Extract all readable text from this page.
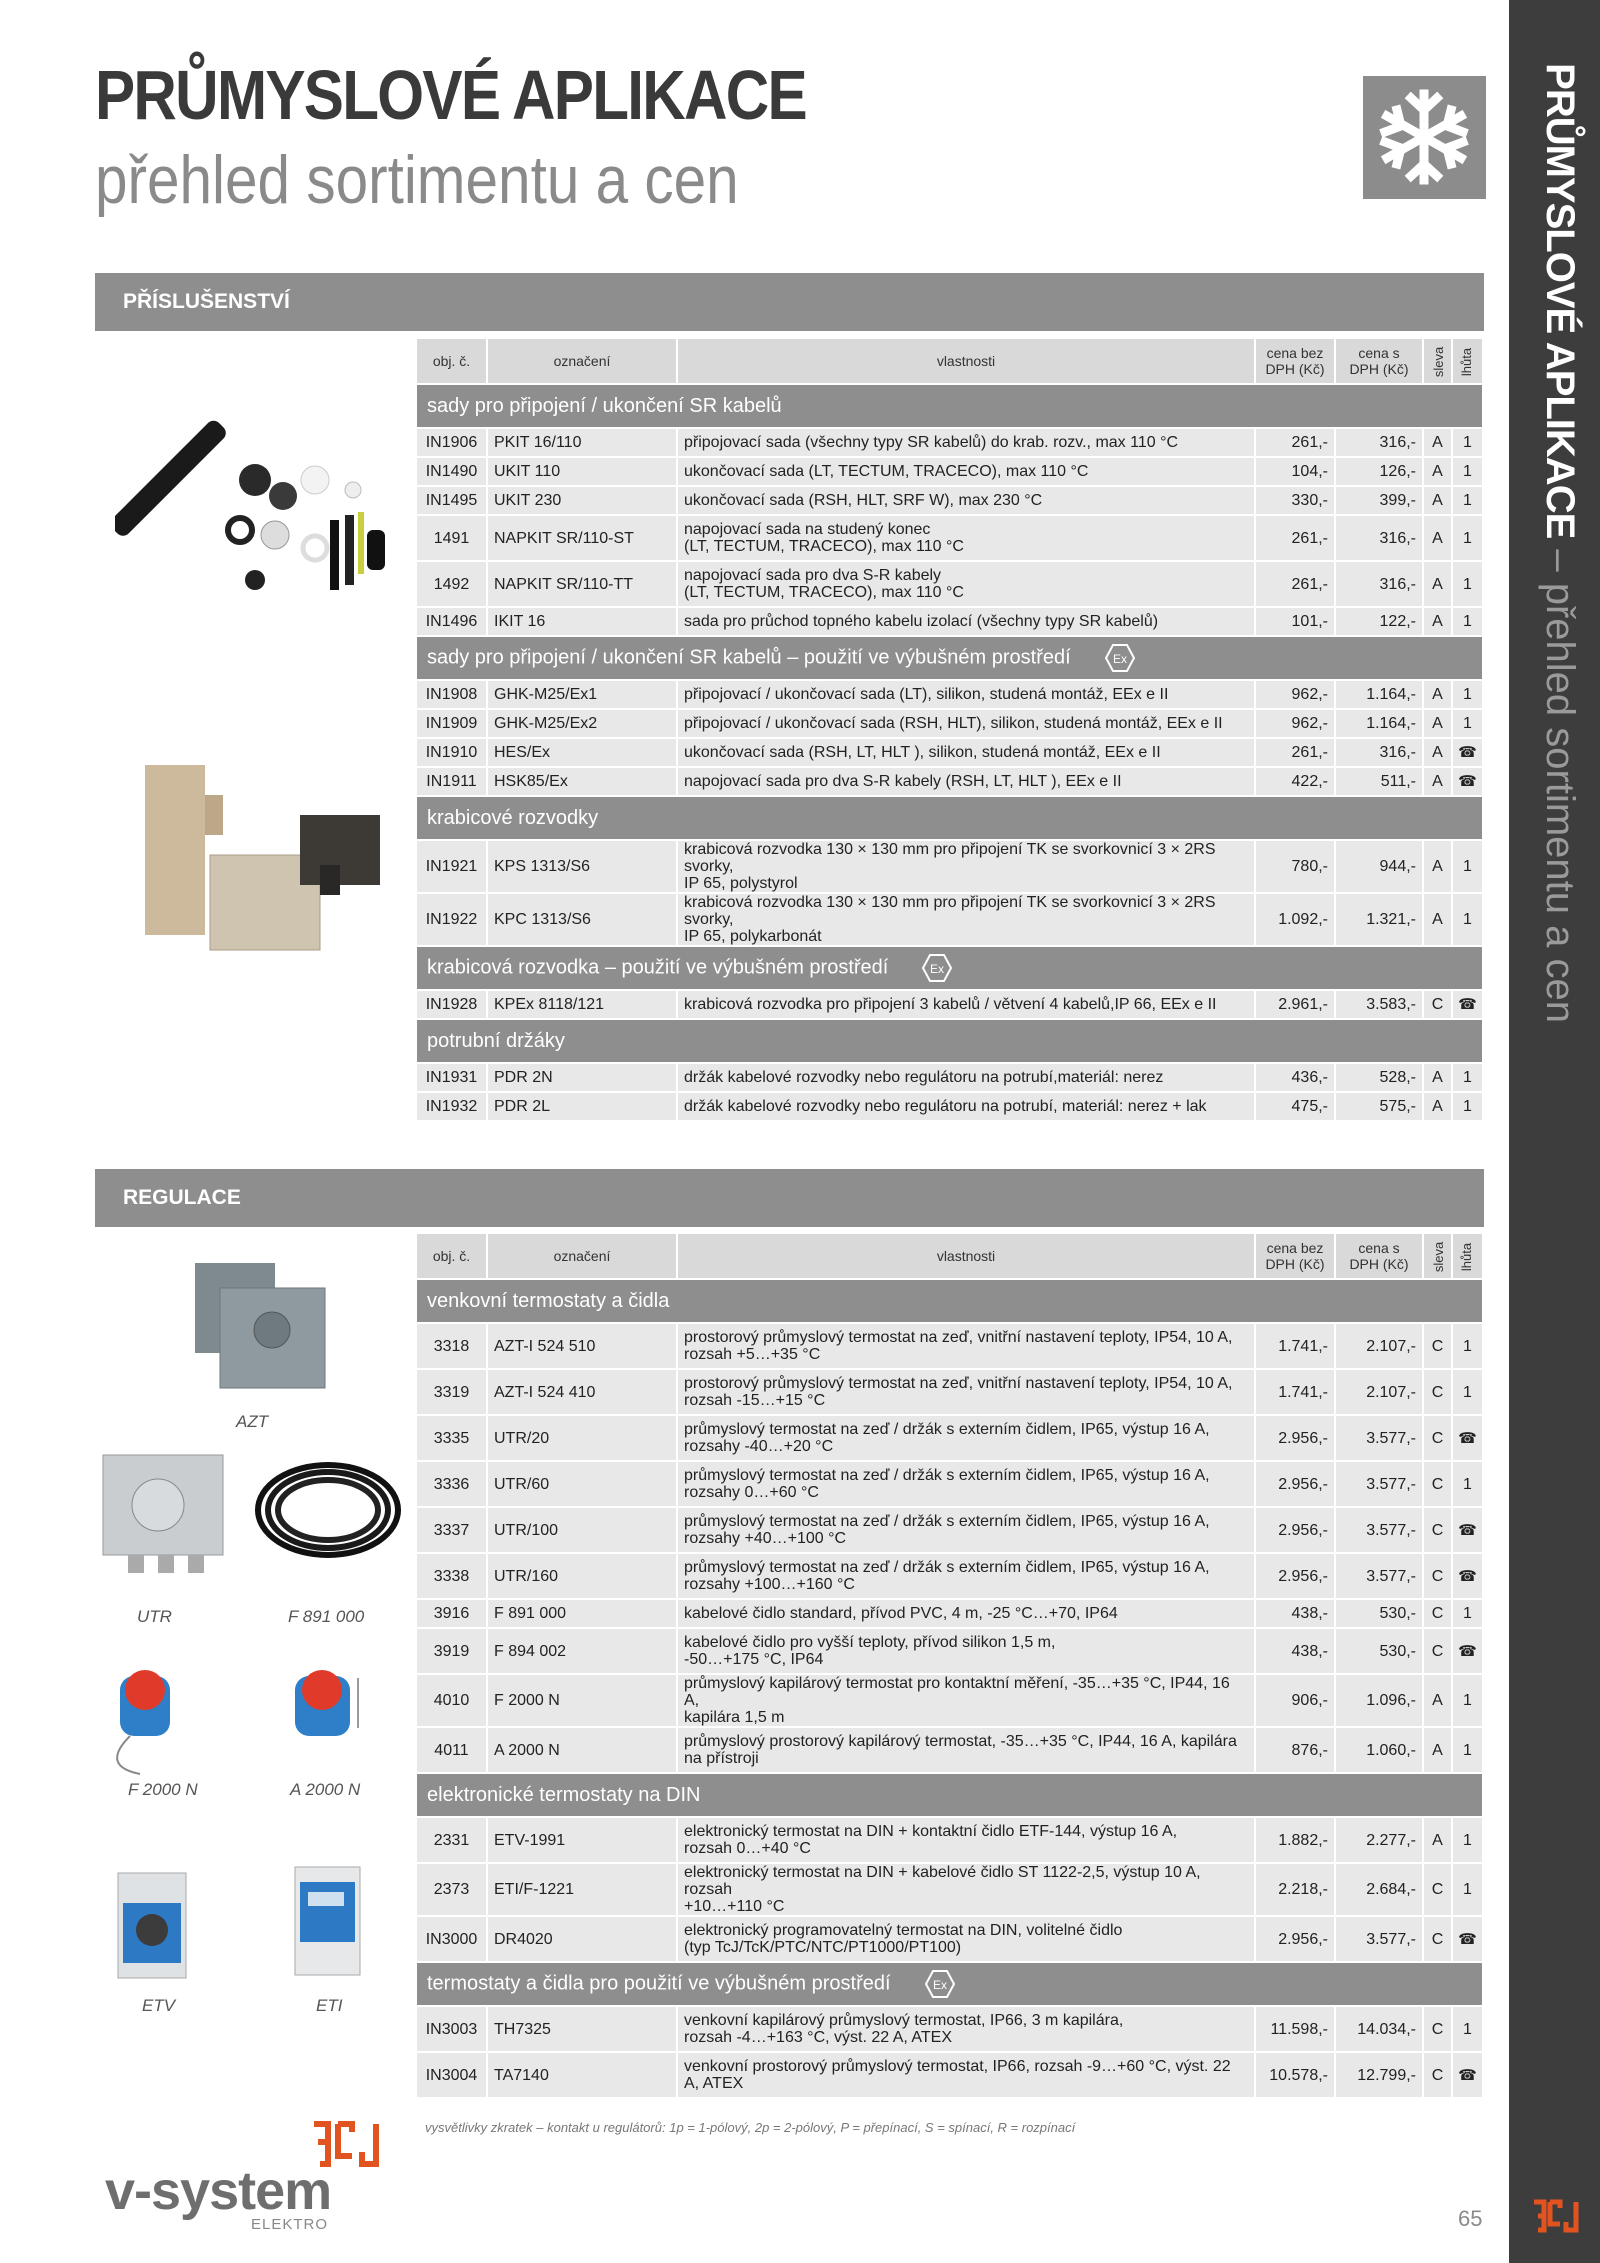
PRŮMYSLOVÉ APLIKACE – přehled sortimentu a cen
PRŮMYSLOVÉ APLIKACE
přehled sortimentu a cen
PŘÍSLUŠENSTVÍ
obj. č.	označení	vlastnosti	cena bez
DPH (Kč)	cena s
DPH (Kč)	sleva	lhůta
sady pro připojení / ukončení SR kabelů						
IN1906	PKIT 16/110	připojovací sada (všechny typy SR kabelů) do krab. rozv., max 110 °C	261,-	316,-	A	1
IN1490	UKIT 110	ukončovací sada (LT, TECTUM, TRACECO), max 110 °C	104,-	126,-	A	1
IN1495	UKIT 230	ukončovací sada (RSH, HLT, SRF W), max 230 °C	330,-	399,-	A	1
1491	NAPKIT SR/110-ST	napojovací sada na studený konec
(LT, TECTUM, TRACECO), max 110 °C	261,-	316,-	A	1
1492	NAPKIT SR/110-TT	napojovací sada pro dva S-R kabely
(LT, TECTUM, TRACECO), max 110 °C	261,-	316,-	A	1
IN1496	IKIT 16	sada pro průchod topného kabelu izolací (všechny typy SR kabelů)	101,-	122,-	A	1
sady pro připojení / ukončení SR kabelů – použití ve výbušném prostředí Ex						

IN1908	GHK-M25/Ex1	připojovací / ukončovací sada (LT), silikon, studená montáž, EEx e II	962,-	1.164,-	A	1
IN1909	GHK-M25/Ex2	připojovací / ukončovací sada (RSH, HLT), silikon, studená montáž, EEx e II	962,-	1.164,-	A	1
IN1910	HES/Ex	ukončovací sada (RSH, LT, HLT ), silikon, studená montáž, EEx e II	261,-	316,-	A	☎
IN1911	HSK85/Ex	napojovací sada pro dva S-R kabely (RSH, LT, HLT ), EEx e II	422,-	511,-	A	☎
krabicové rozvodky						
IN1921	KPS 1313/S6	krabicová rozvodka 130 × 130 mm pro připojení TK se svorkovnicí 3 × 2RS svorky,
IP 65, polystyrol	780,-	944,-	A	1
IN1922	KPC 1313/S6	krabicová rozvodka 130 × 130 mm pro připojení TK se svorkovnicí 3 × 2RS svorky,
IP 65, polykarbonát	1.092,-	1.321,-	A	1
krabicová rozvodka – použití ve výbušném prostředí Ex						

IN1928	KPEx 8118/121	krabicová rozvodka pro připojení 3 kabelů / větvení 4 kabelů,IP 66, EEx e II	2.961,-	3.583,-	C	☎
potrubní držáky						
IN1931	PDR 2N	držák kabelové rozvodky nebo regulátoru na potrubí,materiál: nerez	436,-	528,-	A	1
IN1932	PDR 2L	držák kabelové rozvodky nebo regulátoru na potrubí, materiál: nerez + lak	475,-	575,-	A	1
REGULACE
obj. č.	označení	vlastnosti	cena bez
DPH (Kč)	cena s
DPH (Kč)	sleva	lhůta
venkovní termostaty a čidla						
3318	AZT-I 524 510	prostorový průmyslový termostat na zeď, vnitřní nastavení teploty, IP54, 10 A,
rozsah +5…+35 °C	1.741,-	2.107,-	C	1
3319	AZT-I 524 410	prostorový průmyslový termostat na zeď, vnitřní nastavení teploty, IP54, 10 A,
rozsah -15…+15 °C	1.741,-	2.107,-	C	1
3335	UTR/20	průmyslový termostat na zeď / držák s externím čidlem, IP65, výstup 16 A,
rozsahy -40…+20 °C	2.956,-	3.577,-	C	☎
3336	UTR/60	průmyslový termostat na zeď / držák s externím čidlem, IP65, výstup 16 A,
rozsahy 0…+60 °C	2.956,-	3.577,-	C	1
3337	UTR/100	průmyslový termostat na zeď / držák s externím čidlem, IP65, výstup 16 A,
rozsahy +40…+100 °C	2.956,-	3.577,-	C	☎
3338	UTR/160	průmyslový termostat na zeď / držák s externím čidlem, IP65, výstup 16 A,
rozsahy +100…+160 °C	2.956,-	3.577,-	C	☎
3916	F 891 000	kabelové čidlo standard, přívod PVC, 4 m, -25 °C…+70, IP64	438,-	530,-	C	1
3919	F 894 002	kabelové čidlo pro vyšší teploty, přívod silikon 1,5 m,
-50…+175 °C, IP64	438,-	530,-	C	☎
4010	F 2000 N	průmyslový kapilárový termostat pro kontaktní měření, -35…+35 °C, IP44, 16 A,
kapilára 1,5 m	906,-	1.096,-	A	1
4011	A 2000 N	průmyslový prostorový kapilárový termostat, -35…+35 °C, IP44, 16 A, kapilára
na přístroji	876,-	1.060,-	A	1
elektronické termostaty na DIN						
2331	ETV-1991	elektronický termostat na DIN + kontaktní čidlo ETF-144, výstup 16 A,
rozsah 0…+40 °C	1.882,-	2.277,-	A	1
2373	ETI/F-1221	elektronický termostat na DIN + kabelové čidlo ST 1122-2,5, výstup 10 A, rozsah
+10…+110 °C	2.218,-	2.684,-	C	1
IN3000	DR4020	elektronický programovatelný termostat na DIN, volitelné čidlo
(typ TcJ/TcK/PTC/NTC/PT1000/PT100)	2.956,-	3.577,-	C	☎
termostaty a čidla pro použití ve výbušném prostředí Ex						

IN3003	TH7325	venkovní kapilárový průmyslový termostat, IP66, 3 m kapilára,
rozsah -4…+163 °C, výst. 22 A, ATEX	11.598,-	14.034,-	C	1
IN3004	TA7140	venkovní prostorový průmyslový termostat, IP66, rozsah -9…+60 °C, výst. 22
A, ATEX	10.578,-	12.799,-	C	☎
AZT
UTR	F 891 000
F 2000 N	A 2000 N
ETV	ETI
vysvětlivky zkratek – kontakt u regulátorů: 1p = 1-pólový, 2p = 2-pólový, P = přepínací, S = spínací, R = rozpínací
v-system
ELEKTRO	65
